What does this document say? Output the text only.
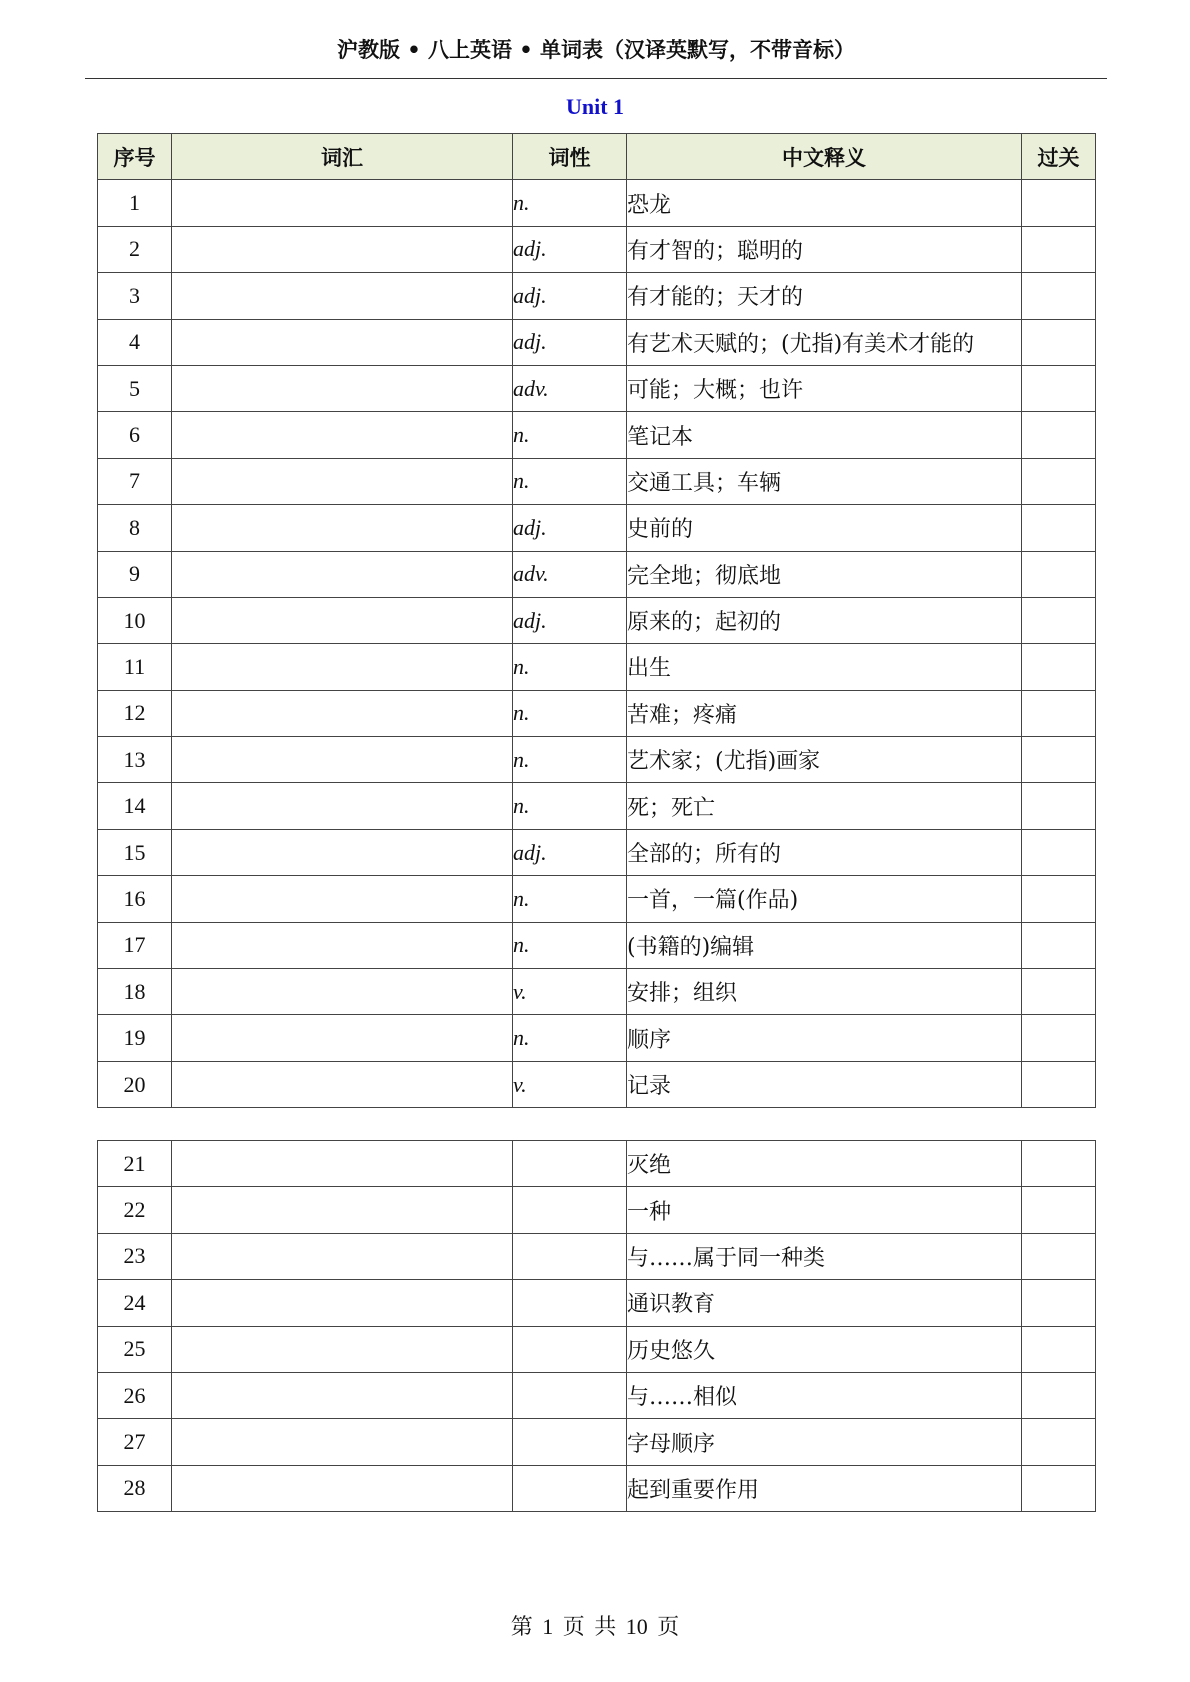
沪教版 • 八上英语 • 单词表（汉译英默写，不带音标）
Unit 1
序号	词汇	词性	中文释义	过关
1		n.	恐龙	
2		adj.	有才智的；聪明的	
3		adj.	有才能的；天才的	
4		adj.	有艺术天赋的；(尤指)有美术才能的	
5		adv.	可能；大概；也许	
6		n.	笔记本	
7		n.	交通工具；车辆	
8		adj.	史前的	
9		adv.	完全地；彻底地	
10		adj.	原来的；起初的	
11		n.	出生	
12		n.	苦难；疼痛	
13		n.	艺术家；(尤指)画家	
14		n.	死；死亡	
15		adj.	全部的；所有的	
16		n.	一首，一篇(作品)	
17		n.	(书籍的)编辑	
18		v.	安排；组织	
19		n.	顺序	
20		v.	记录	
21			灭绝	
22			一种	
23			与……属于同一种类	
24			通识教育	
25			历史悠久	
26			与……相似	
27			字母顺序	
28			起到重要作用	
第 1 页 共 10 页
